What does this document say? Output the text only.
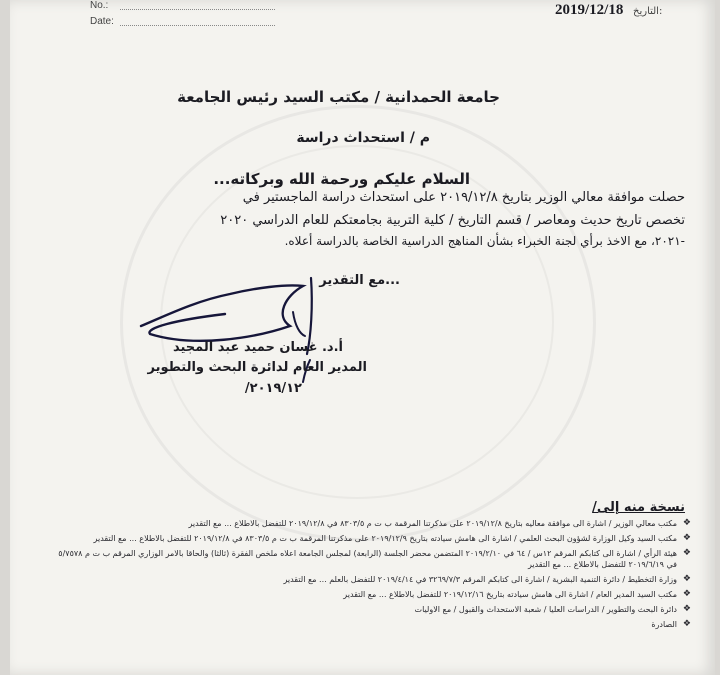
No.:
Date:
2019/12/18 التاريخ:
جامعة الحمدانية / مكتب السيد رئيس الجامعة
م / استحداث دراسة
السلام عليكم ورحمة الله وبركاته...
حصلت موافقة معالي الوزير بتاريخ ٢٠١٩/١٢/٨ على استحداث دراسة الماجستير في
تخصص تاريخ حديث ومعاصر / قسم التاريخ / كلية التربية بجامعتكم للعام الدراسي ٢٠٢٠
-٢٠٢١، مع الاخذ برأي لجنة الخبراء بشأن المناهج الدراسية الخاصة بالدراسة أعلاه.
...مع التقدير
أ.د. غسان حميد عبد المجيد
المدير العام لدائرة البحث والتطوير
٢٠١٩/١٢/
نسخة منه إلى/
❖
مكتب معالي الوزير / اشارة الى موافقة معاليه بتاريخ ٢٠١٩/١٢/٨ على مذكرتنا المرقمة ب ت م ٨٣٠٣/٥ في ٢٠١٩/١٢/٨ للتفضل بالاطلاع ... مع التقدير
❖
مكتب السيد وكيل الوزارة لشؤون البحث العلمي / اشارة الى هامش سيادته بتاريخ ٢٠١٩/١٢/٩ على مذكرتنا المرقمة ب ت م ٨٣٠٣/٥ في ٢٠١٩/١٢/٨ للتفضل بالاطلاع ... مع التقدير
❖
هيئة الرأي / اشارة الى كتابكم المرقم ١٢س / ٦٤ في ٢٠١٩/٢/١٠ المتضمن محضر الجلسة (الرابعة) لمجلس الجامعة اعلاه ملخص الفقرة (ثالثا) والحاقا بالامر الوزاري المرقم ب ت م ٥/٧٥٧٨ في ٢٠١٩/٦/١٩ للتفضل بالاطلاع ... مع التقدير
❖
وزارة التخطيط / دائرة التنمية البشرية / اشارة الى كتابكم المرقم ٣٢٦٩/٧/٣ في ٢٠١٩/٤/١٤ للتفضل بالعلم ... مع التقدير
❖
مكتب السيد المدير العام / اشارة الى هامش سيادته بتاريخ ٢٠١٩/١٢/١٦ للتفضل بالاطلاع ... مع التقدير
❖
دائرة البحث والتطوير / الدراسات العليا / شعبة الاستحداث والقبول / مع الاوليات
❖
الصادرة
